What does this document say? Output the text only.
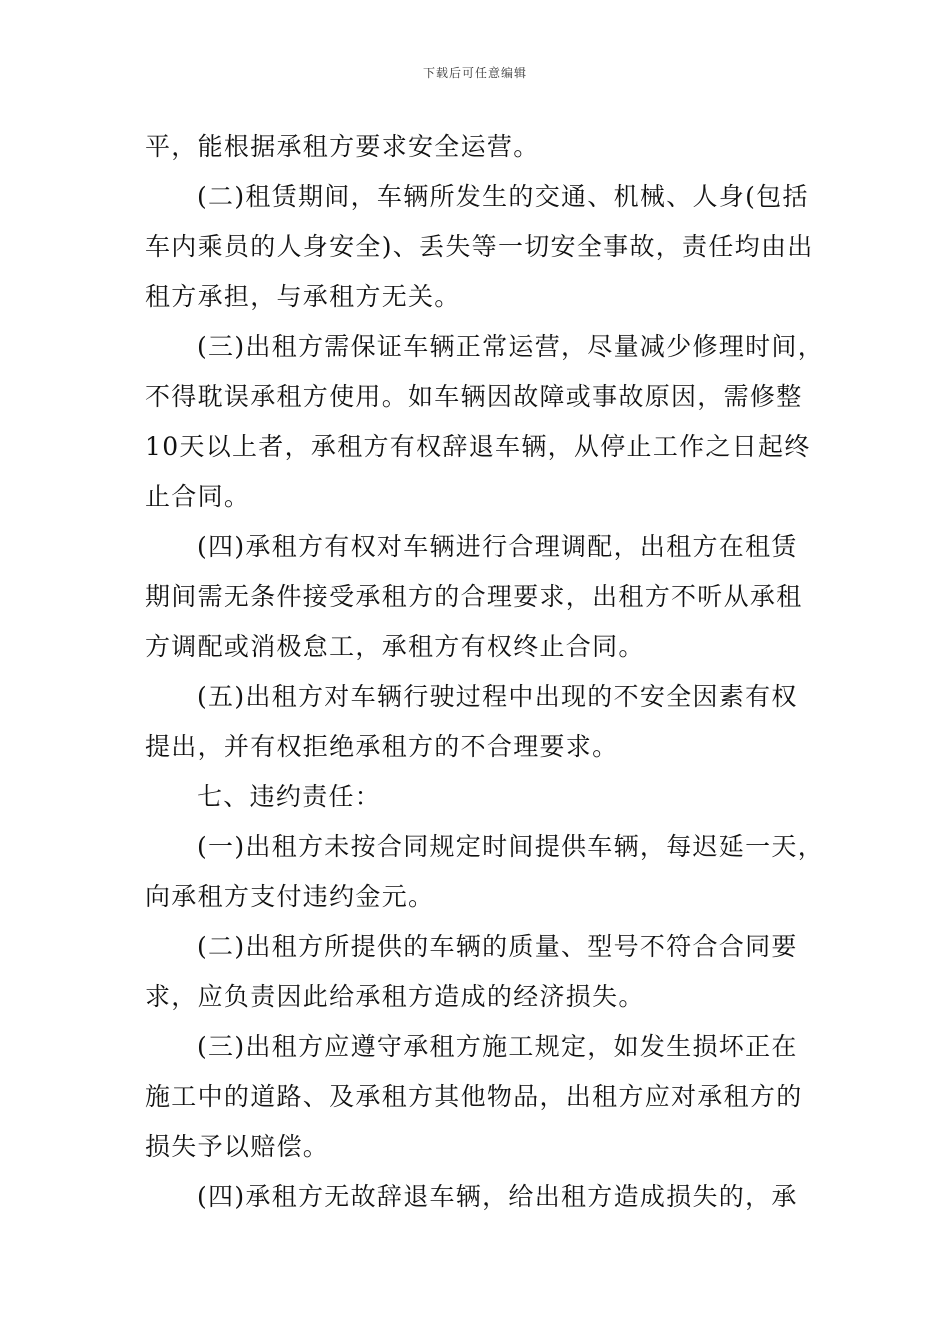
下载后可任意编辑
平，能根据承租方要求安全运营。
(二)租赁期间，车辆所发生的交通、机械、人身(包括
车内乘员的人身安全)、丢失等一切安全事故，责任均由出
租方承担，与承租方无关。
(三)出租方需保证车辆正常运营，尽量减少修理时间，
不得耽误承租方使用。如车辆因故障或事故原因，需修整
10天以上者，承租方有权辞退车辆，从停止工作之日起终
止合同。
(四)承租方有权对车辆进行合理调配，出租方在租赁
期间需无条件接受承租方的合理要求，出租方不听从承租
方调配或消极怠工，承租方有权终止合同。
(五)出租方对车辆行驶过程中出现的不安全因素有权
提出，并有权拒绝承租方的不合理要求。
七、违约责任：
(一)出租方未按合同规定时间提供车辆，每迟延一天，
向承租方支付违约金元。
(二)出租方所提供的车辆的质量、型号不符合合同要
求，应负责因此给承租方造成的经济损失。
(三)出租方应遵守承租方施工规定，如发生损坏正在
施工中的道路、及承租方其他物品，出租方应对承租方的
损失予以赔偿。
(四)承租方无故辞退车辆，给出租方造成损失的，承
